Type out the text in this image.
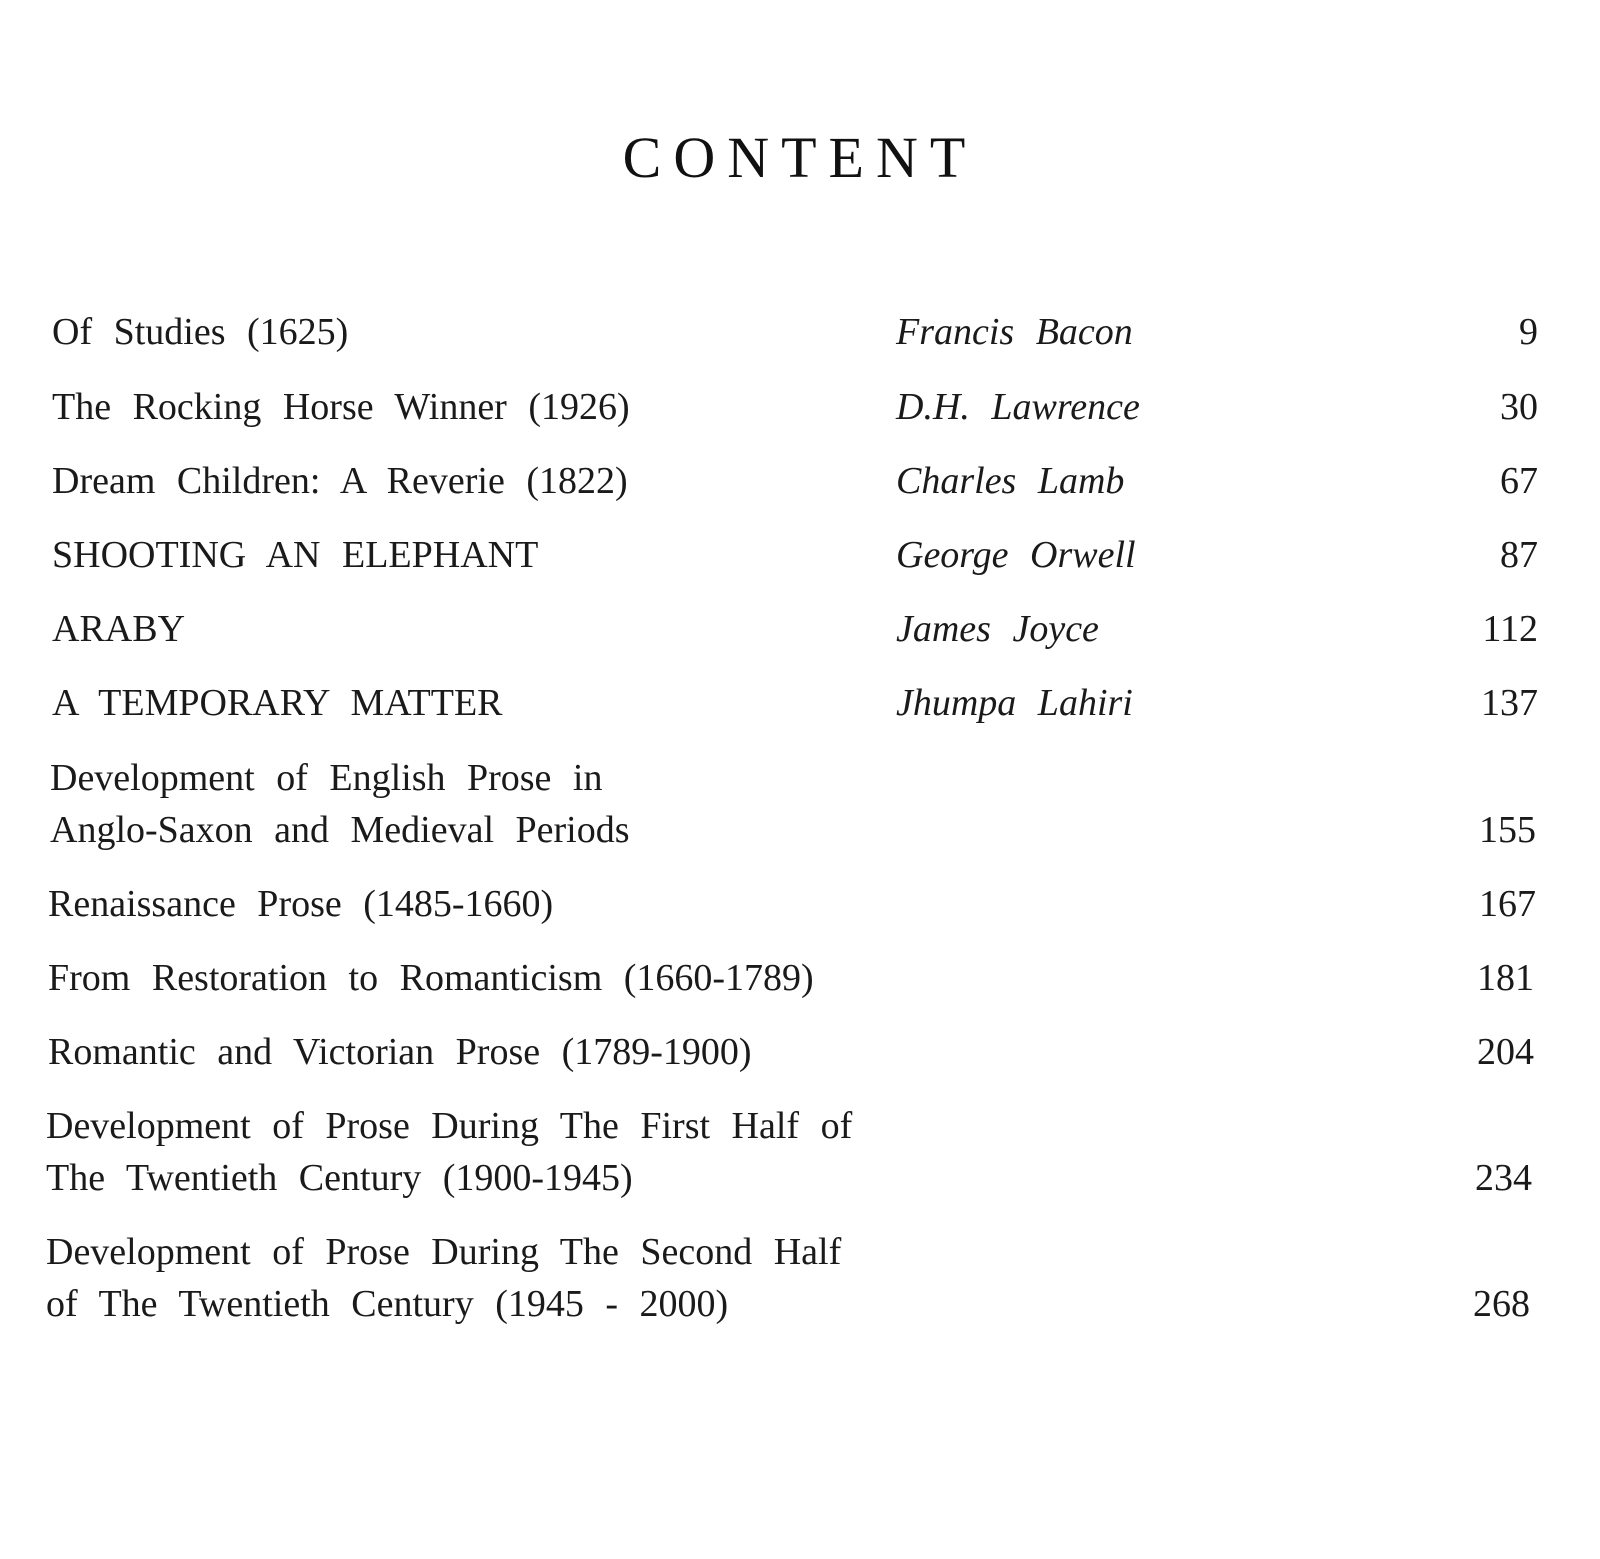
CONTENT
Of Studies (1625)	Francis Bacon	9
The Rocking Horse Winner (1926)	D.H. Lawrence	30
Dream Children: A Reverie (1822)	Charles Lamb	67
SHOOTING AN ELEPHANT	George Orwell	87
ARABY	James Joyce	112
A TEMPORARY MATTER	Jhumpa Lahiri	137
Development of English Prose in
Anglo-Saxon and Medieval Periods	155
Renaissance Prose (1485-1660)	167
From Restoration to Romanticism (1660-1789)	181
Romantic and Victorian Prose (1789-1900)	204
Development of Prose During The First Half of
The Twentieth Century (1900-1945)	234
Development of Prose During The Second Half
of The Twentieth Century (1945 - 2000)	268
